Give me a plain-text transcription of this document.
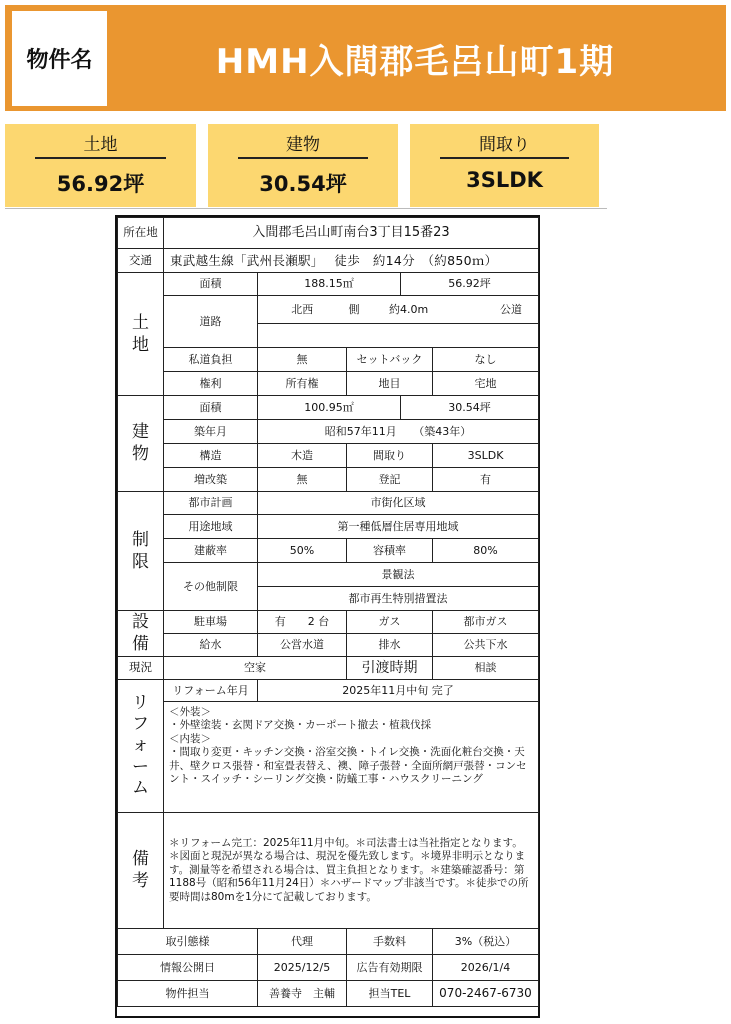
物件名	HMH入間郡毛呂山町1期
土地
56.92坪
建物
30.54坪
間取り
3SLDK
所在地	入間郡毛呂山町南台3丁目15番23				
交通	東武越生線「武州長瀬駅」　 徒歩　約14分　（約850ｍ）				
土地	面積	188.15㎡		56.92坪	
	道路	北西	側 約4.0m		公道

	私道負担	無	セットバック		なし
	権利	所有権	地目		宅地
建物	面積	100.95㎡		30.54坪	
	築年月	昭和57年11月　　（築43年）			
	構造	木造	間取り		3SLDK
	増改築	無	登記		有
制限	都市計画	市街化区域			
	用途地域	第一種低層住居専用地域			
	建蔽率	50%	容積率		80%
	その他制限	景観法			
		都市再生特別措置法			
設備	駐車場	有　　2 台	ガス		都市ガス
	給水	公営水道	排水		公共下水
現況	空家		引渡時期		相談
リフォーム	リフォーム年月	2025年11月中旬 完了			

	＜外装＞
・外壁塗装・玄関ドア交換・カーポート撤去・植栽伐採
＜内装＞
・間取り変更・キッチン交換・浴室交換・トイレ交換・洗面化粧台交換・天井、壁クロス張替・和室畳表替え、襖、障子張替・全面所網戸張替・コンセント・スイッチ・シーリング交換・防蟻工事・ハウスクリーニング				

備考	＊リフォーム完工：2025年11月中旬。＊司法書士は当社指定となります。＊図面と現況が異なる場合は、現況を優先致します。＊境界非明示となります。測量等を希望される場合は、買主負担となります。＊建築確認番号：第1188号（昭和56年11月24日）＊ハザードマップ非該当です。＊徒歩での所要時間は80mを1分にて記載しております。				
取引態様		代理	手数料		3%（税込）
情報公開日		2025/12/5	広告有効期限		2026/1/4
物件担当		善養寺　主輔	担当TEL		070-2467-6730
